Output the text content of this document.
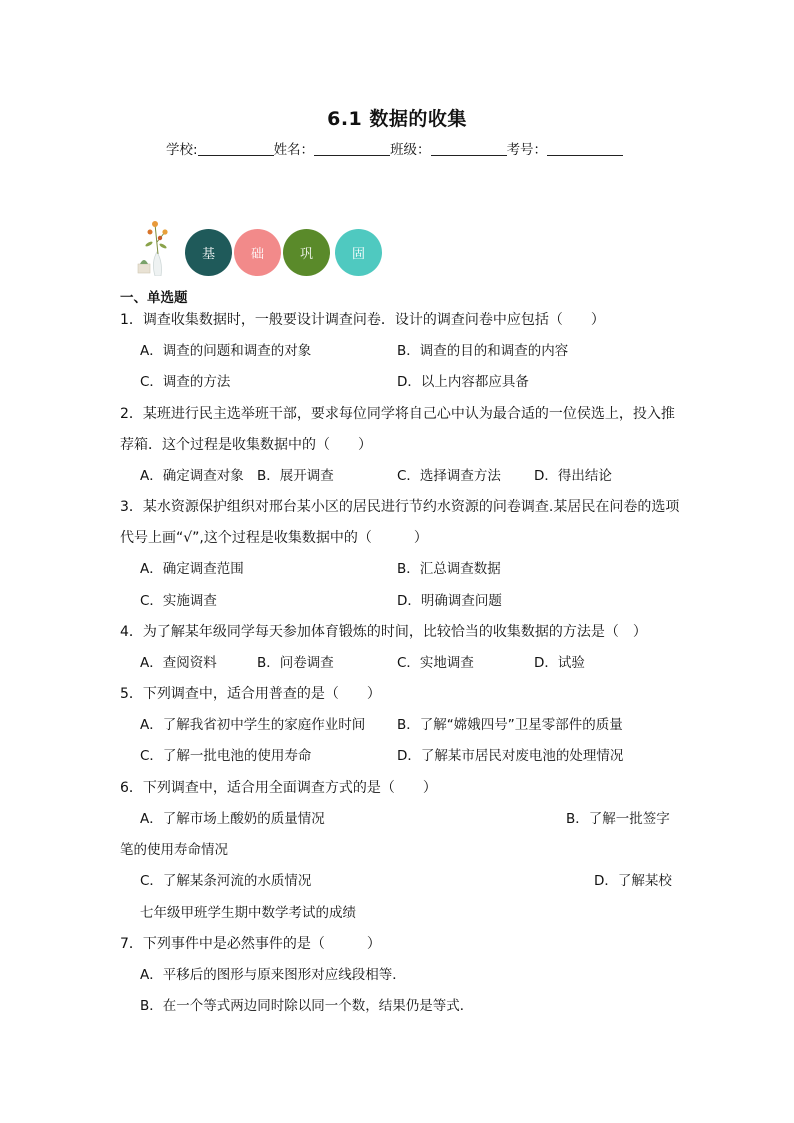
6.1 数据的收集
学校:	姓名：	班级：	考号：
基	础	巩	固
一、单选题
1．调查收集数据时，一般要设计调查问卷．设计的调查问卷中应包括（　　）
A．调查的问题和调查的对象	B．调查的目的和调查的内容
C．调查的方法	D．以上内容都应具备
2．某班进行民主选举班干部，要求每位同学将自己心中认为最合适的一位侯选上，投入推
荐箱．这个过程是收集数据中的（　　）
A．确定调查对象 B．展开调查	C．选择调查方法 D．得出结论
3．某水资源保护组织对邢台某小区的居民进行节约水资源的问卷调查.某居民在问卷的选项
代号上画“√”,这个过程是收集数据中的（　　　）
A．确定调查范围	B．汇总调查数据
C．实施调查	D．明确调查问题
4．为了解某年级同学每天参加体育锻炼的时间，比较恰当的收集数据的方法是（　）
A．查阅资料	B．问卷调查	C．实地调查	D．试验
5．下列调查中，适合用普查的是（　　）
A．了解我省初中学生的家庭作业时间 B．了解“嫦娥四号”卫星零部件的质量
C．了解一批电池的使用寿命	D．了解某市居民对废电池的处理情况
6．下列调查中，适合用全面调查方式的是（　　）
A．了解市场上酸奶的质量情况	B．了解一批签字
笔的使用寿命情况
C．了解某条河流的水质情况	D．了解某校
七年级甲班学生期中数学考试的成绩
7．下列事件中是必然事件的是（　　　）
A．平移后的图形与原来图形对应线段相等．
B．在一个等式两边同时除以同一个数，结果仍是等式．
